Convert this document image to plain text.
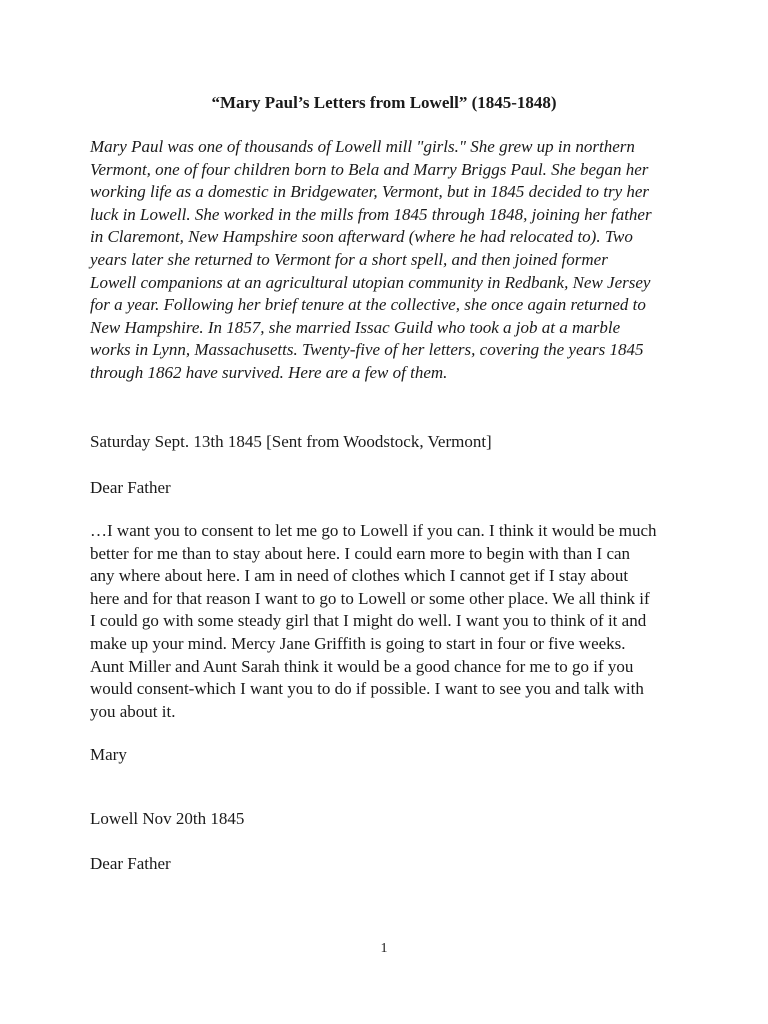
“Mary Paul’s Letters from Lowell” (1845-1848)
Mary Paul was one of thousands of Lowell mill "girls." She grew up in northern
Vermont, one of four children born to Bela and Marry Briggs Paul. She began her
working life as a domestic in Bridgewater, Vermont, but in 1845 decided to try her
luck in Lowell. She worked in the mills from 1845 through 1848, joining her father
in Claremont, New Hampshire soon afterward (where he had relocated to). Two
years later she returned to Vermont for a short spell, and then joined former
Lowell companions at an agricultural utopian community in Redbank, New Jersey
for a year. Following her brief tenure at the collective, she once again returned to
New Hampshire. In 1857, she married Issac Guild who took a job at a marble
works in Lynn, Massachusetts. Twenty-five of her letters, covering the years 1845
through 1862 have survived. Here are a few of them.
Saturday Sept. 13th 1845 [Sent from Woodstock, Vermont]
Dear Father
…I want you to consent to let me go to Lowell if you can. I think it would be much
better for me than to stay about here. I could earn more to begin with than I can
any where about here. I am in need of clothes which I cannot get if I stay about
here and for that reason I want to go to Lowell or some other place. We all think if
I could go with some steady girl that I might do well. I want you to think of it and
make up your mind. Mercy Jane Griffith is going to start in four or five weeks.
Aunt Miller and Aunt Sarah think it would be a good chance for me to go if you
would consent-which I want you to do if possible. I want to see you and talk with
you about it.
Mary
Lowell Nov 20th 1845
Dear Father
1
